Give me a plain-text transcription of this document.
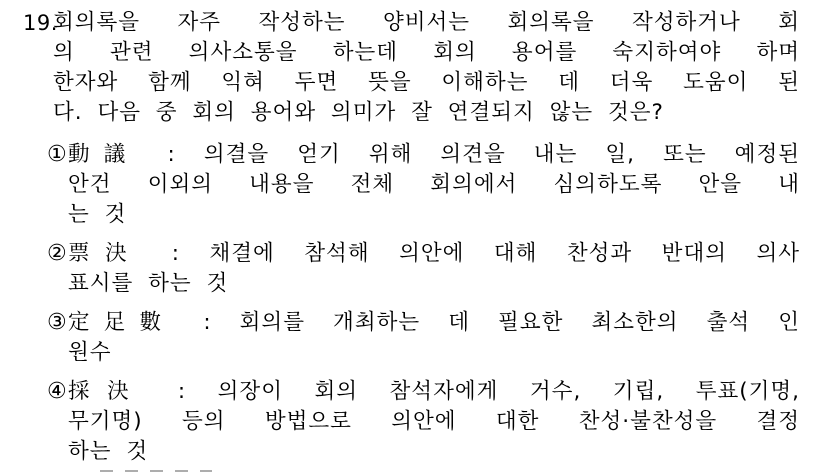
19.
회의록을 자주 작성하는 양비서는 회의록을 작성하거나 회
의 관련 의사소통을 하는데 회의 용어를 숙지하여야 하며
한자와 함께 익혀 두면 뜻을 이해하는 데 더욱 도움이 된
다. 다음 중 회의 용어와 의미가 잘 연결되지 않는 것은?
① 動議 : 의결을 얻기 위해 의견을 내는 일, 또는 예정된
안건 이외의 내용을 전체 회의에서 심의하도록 안을 내
는 것
② 票決 : 채결에 참석해 의안에 대해 찬성과 반대의 의사
표시를 하는 것
③ 定足數 : 회의를 개최하는 데 필요한 최소한의 출석 인
원수
④ 採決 : 의장이 회의 참석자에게 거수, 기립, 투표(기명,
무기명) 등의 방법으로 의안에 대한 찬성·불찬성을 결정
하는 것
